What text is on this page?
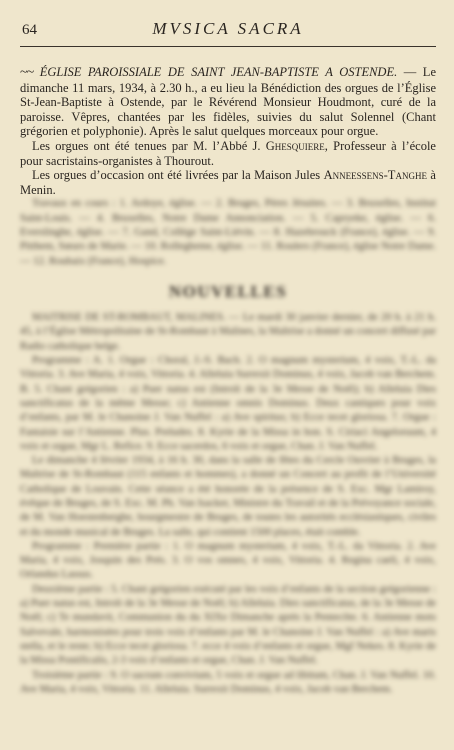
64	MVSICA SACRA

~~ ÉGLISE PAROISSIALE DE SAINT JEAN-BAPTISTE A OSTENDE. — Le dimanche 11 mars, 1934, à 2.30 h., a eu lieu la Bénédiction des orgues de l’Église St-Jean-Baptiste à Ostende, par le Révérend Monsieur Houdmont, curé de la paroisse. Vêpres, chantées par les fidèles, suivies du salut Solennel (Chant grégorien et polyphonie). Après le salut quelques morceaux pour orgue.

Les orgues ont été tenues par M. l’Abbé J. Ghesquiere, Professeur à l’école pour sacristains-organistes à Thourout.

Les orgues d’occasion ont été livrées par la Maison Jules Anneessens-Tanghe à Menin.

Travaux en cours : 1. Ardoye, église. — 2. Bruges, Pères Jésuites. — 3. Bruxelles, Institut Saint-Louis. — 4. Bruxelles, Notre Dame Annonciation. — 5. Capryeke, église. — 6. Everslinghe, église. — 7. Gand, Collège Saint-Liévin. — 8. Hazebrouck (France), église. — 9. Pitthem, Sœurs de Marie. — 10. Rollegheme, église. — 11. Roulers (France), église Notre Dame. — 12. Roubaix (France), Hospice.

NOUVELLES

MAITRISE DE ST-ROMBAUT, MALINES. — Le mardi 30 janvier dernier, de 20 h. à 21 h. 45, à l’Église Métropolitaine de St-Rombaut à Malines, la Maîtrise a donné un concert diffusé par Radio catholique belge.

Programme : A. 1. Orgue : Choral, J.-S. Bach. 2. O magnum mysterium, 4 voix, T.-L. da Vittoria. 3. Ave Maria, 4 voix, Vittoria. 4. Alleluia Surrexit Dominus, 4 voix, Jacob van Berchem. B. 5. Chant grégorien : a) Puer natus est (Introït de la 3e Messe de Noël); b) Alleluia Dies sanctificatus de la même Messe; c) Antienne omnis Dominus. Deux cantiques pour voix d’enfants, par M. le Chanoine J. Van Nuffel : a) Ave spiritus; b) Ecce tecet gloriosa. 7. Orgue : Fantaisie sur l’Antienne. Plus. Preludes. 8. Kyrie de la Missa in hon. S. Ciriaci Angeloruum, 4 voix et orgue, Mgr L. Refice. 9. Ecce sacerdos, 6 voix et orgue, Chan. J. Van Nuffel.

Le dimanche 4 février 1934, à 16 h. 30, dans la salle de fêtes du Cercle Ouvrier à Bruges, la Maîtrise de St-Rombaut (115 enfants et hommes), a donné un Concert au profit de l’Université Catholique de Louvain. Cette séance a été honorée de la présence de S. Exc. Mgr Lamiroy, évêque de Bruges, de S. Exc. M. Ph. Van Isacker, Ministre du Travail et de la Prévoyance sociale, de M. Van Hoestenberghe, bourgmestre de Bruges, de toutes les autorités ecclésiastiques, civiles et du monde musical de Bruges. La salle, qui contient 1500 places, était comble.

Programme : Première partie : 1. O magnum mysterium, 4 voix, T.-L. da Vittoria. 2. Ave Maria, 4 voix, Josquin des Prés. 3. O vos omnes, 4 voix, Vittoria. 4. Regina caeli, 4 voix, Orlandus Lassus.

Deuxième partie : 5. Chant grégorien exécuté par les voix d’enfants de la section grégorienne : a) Puer natus est, Introït de la 3e Messe de Noël; b) Alleluia. Dies sanctificatus, de la 3e Messe de Noël; c) Te mundavit, Communion du du XIXe Dimanche après la Pentecôte. 6. Antienne mots Salvevale, harmonisées pour trois voix d’enfants par M. le Chanoine J. Van Nuffel : a) Ave maris stella, et le reste; b) Ecce tecet gloriosa. 7. ecce 4 voix d’enfants et orgue, Mgf Nekes. 8. Kyrie de la Missa Pontificalis, 2-3 voix d’enfants et orgue, Chan. J. Van Nuffel.

Troisième partie : 9. O sacrum convivium, 5 voix et orgue ad libitum, Chan. J. Van Nuffel. 10. Ave Maria, 4 voix, Vittoria. 11. Alleluia. Surrexit Dominus, 4 voix, Jacob van Berchem.
